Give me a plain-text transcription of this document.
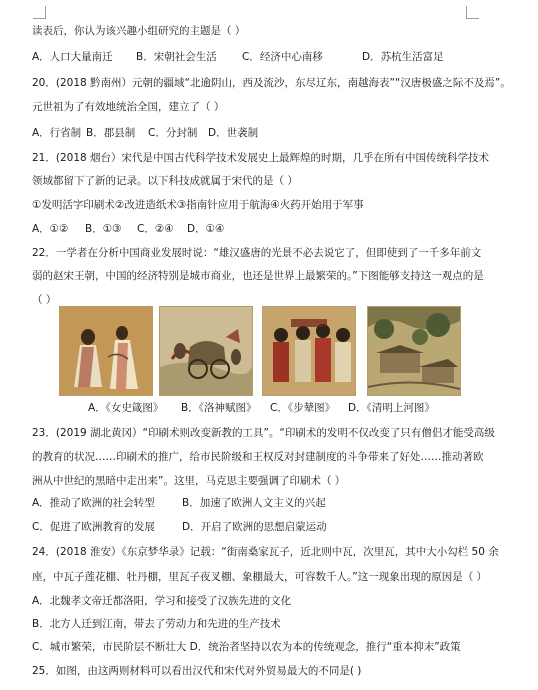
读表后，你认为该兴趣小组研究的主题是（ ）
A．人口大量南迁 B．宋朝社会生活 C．经济中心南移	D．苏杭生活富足
20．(2018 黔南州）元朝的疆域“北逾阴山，西及流沙，东尽辽东，南越海表”“汉唐极盛之际不及焉”。
元世祖为了有效地统治全国，建立了（ ）
A．行省制 B．郡县制 C．分封制 D．世袭制
21．(2018 烟台）宋代是中国古代科学技术发展史上最辉煌的时期，几乎在所有中国传统科学技术
领域都留下了新的记录。以下科技成就属于宋代的是（ ）
①发明活字印刷术②改进造纸术③指南针应用于航海④火药开始用于军事
A．①② B．①③ C．②④ D．①④
22．一学者在分析中国商业发展时说：“雄汉盛唐的光景不必去说它了，但即使到了一千多年前文
弱的赵宋王朝，中国的经济特别是城市商业，也还是世界上最繁荣的。”下图能够支持这一观点的是
（ ）
A．《女史箴图》 B．《洛神赋图》 C．《步辇图》 D．《清明上河图》
23．(2019 湖北黄冈）“印刷术则改变新教的工具”。“印刷术的发明不仅改变了只有僧侣才能受高级
的教育的状况……印刷术的推广，给市民阶级和王权反对封建制度的斗争带来了好处……推动著欧
洲从中世纪的黑暗中走出来”。这里，马克思主要强调了印刷术（ ）
A．推动了欧洲的社会转型	B．加速了欧洲人文主义的兴起
C．促进了欧洲教育的发展	D．开启了欧洲的思想启蒙运动
24．(2018 淮安）《东京梦华录》记载：“街南桑家瓦子，近北则中瓦，次里瓦，其中大小勾栏 50 余
座，中瓦子莲花棚、牡丹棚，里瓦子夜叉棚、象棚最大，可容数千人。”这一现象出现的原因是（ ）
A．北魏孝文帝迁都洛阳，学习和接受了汉族先进的文化
B．北方人迁到江南，带去了劳动力和先进的生产技术
C．城市繁荣，市民阶层不断壮大 D．统治者坚持以农为本的传统观念，推行“重本抑末”政策
25．如图，由这两则材料可以看出汉代和宋代对外贸易最大的不同是( )
